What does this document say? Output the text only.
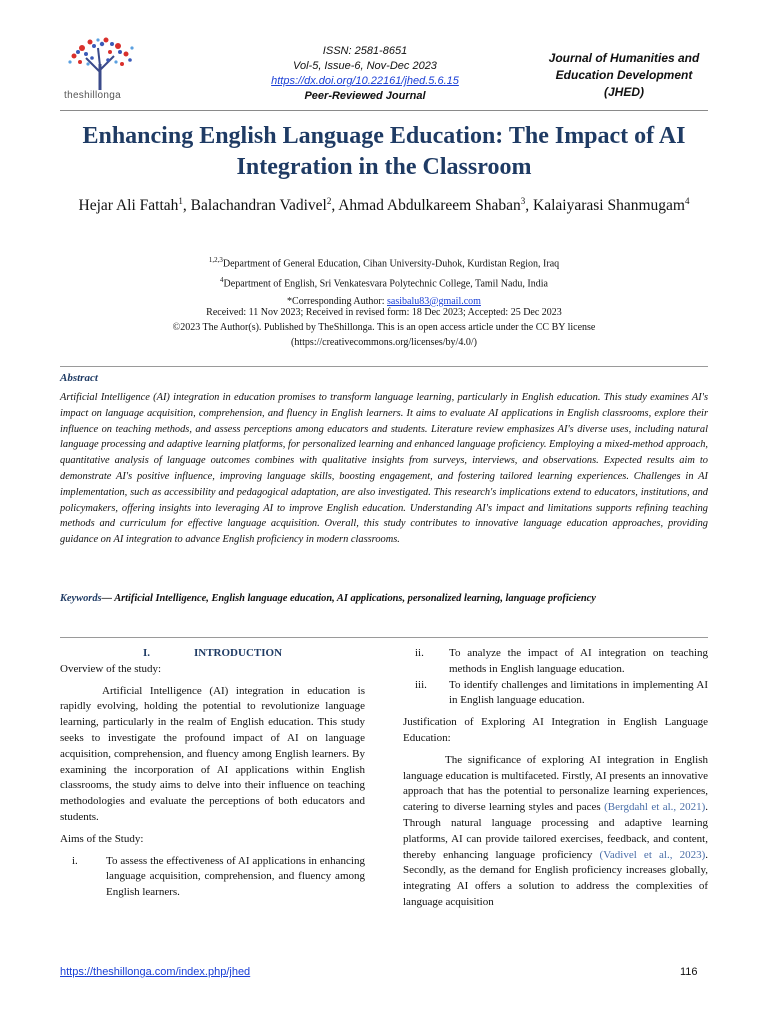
theshillonga
ISSN: 2581-8651
Vol-5, Issue-6, Nov-Dec 2023
https://dx.doi.org/10.22161/jhed.5.6.15
Peer-Reviewed Journal
Journal of Humanities and
Education Development
(JHED)
Enhancing English Language Education: The Impact of AI
Integration in the Classroom
Hejar Ali Fattah$^1$, Balachandran Vadivel$^2$, Ahmad Abdulkareem Shaban$^3$, Kalaiyarasi Shanmugam$^4$
$^{1,2,3}$Department of General Education, Cihan University-Duhok, Kurdistan Region, Iraq
$^4$Department of English, Sri Venkatesvara Polytechnic College, Tamil Nadu, India
*Corresponding Author: sasibalu83@gmail.com
Received: 11 Nov 2023; Received in revised form: 18 Dec 2023; Accepted: 25 Dec 2023
©2023 The Author(s). Published by TheShillonga. This is an open access article under the CC BY license
(https://creativecommons.org/licenses/by/4.0/)
Abstract

Artificial Intelligence (AI) integration in education promises to transform language learning, particularly in English education. This study examines AI's impact on language acquisition, comprehension, and fluency in English learners. It aims to evaluate AI applications in English classrooms, explore their influence on teaching methods, and assess perceptions among educators and students. Literature review emphasizes AI's diverse uses, including natural language processing and adaptive learning platforms, for personalized learning and enhanced language proficiency. Employing a mixed-method approach, quantitative analysis of language outcomes combines with qualitative insights from surveys, interviews, and observations. Expected results aim to demonstrate AI's positive influence, improving language skills, boosting engagement, and fostering tailored learning experiences. Challenges in AI implementation, such as accessibility and pedagogical adaptation, are also investigated. This research's implications extend to educators, institutions, and policymakers, offering insights into leveraging AI to improve English education. Understanding AI's impact and limitations supports refining teaching methods and curriculum for effective language acquisition. Overall, this study contributes to innovative language education approaches, providing guidance on AI integration to advance English proficiency in modern classrooms.

Keywords— Artificial Intelligence, English language education, AI applications, personalized learning, language proficiency

I.	INTRODUCTION

Overview of the study:

Artificial Intelligence (AI) integration in education is rapidly evolving, holding the potential to revolutionize language learning, particularly in the realm of English education. This study seeks to investigate the profound impact of AI on language acquisition, comprehension, and fluency among English learners. By examining the incorporation of AI applications within English classrooms, the study aims to delve into their influence on teaching methodologies and evaluate the perceptions of both educators and students.

Aims of the Study:

i.	To assess the effectiveness of AI applications in enhancing language acquisition, comprehension, and fluency among English learners.
ii.	To analyze the impact of AI integration on teaching methods in English language education.
iii.	To identify challenges and limitations in implementing AI in English language education.

Justification of Exploring AI Integration in English Language Education:

The significance of exploring AI integration in English language education is multifaceted. Firstly, AI presents an innovative approach that has the potential to personalize learning experiences, catering to diverse learning styles and paces (Bergdahl et al., 2021). Through natural language processing and adaptive learning platforms, AI can provide tailored exercises, feedback, and content, thereby enhancing language proficiency (Vadivel et al., 2023). Secondly, as the demand for English proficiency increases globally, integrating AI offers a solution to address the complexities of language acquisition

https://theshillonga.com/index.php/jhed	116
